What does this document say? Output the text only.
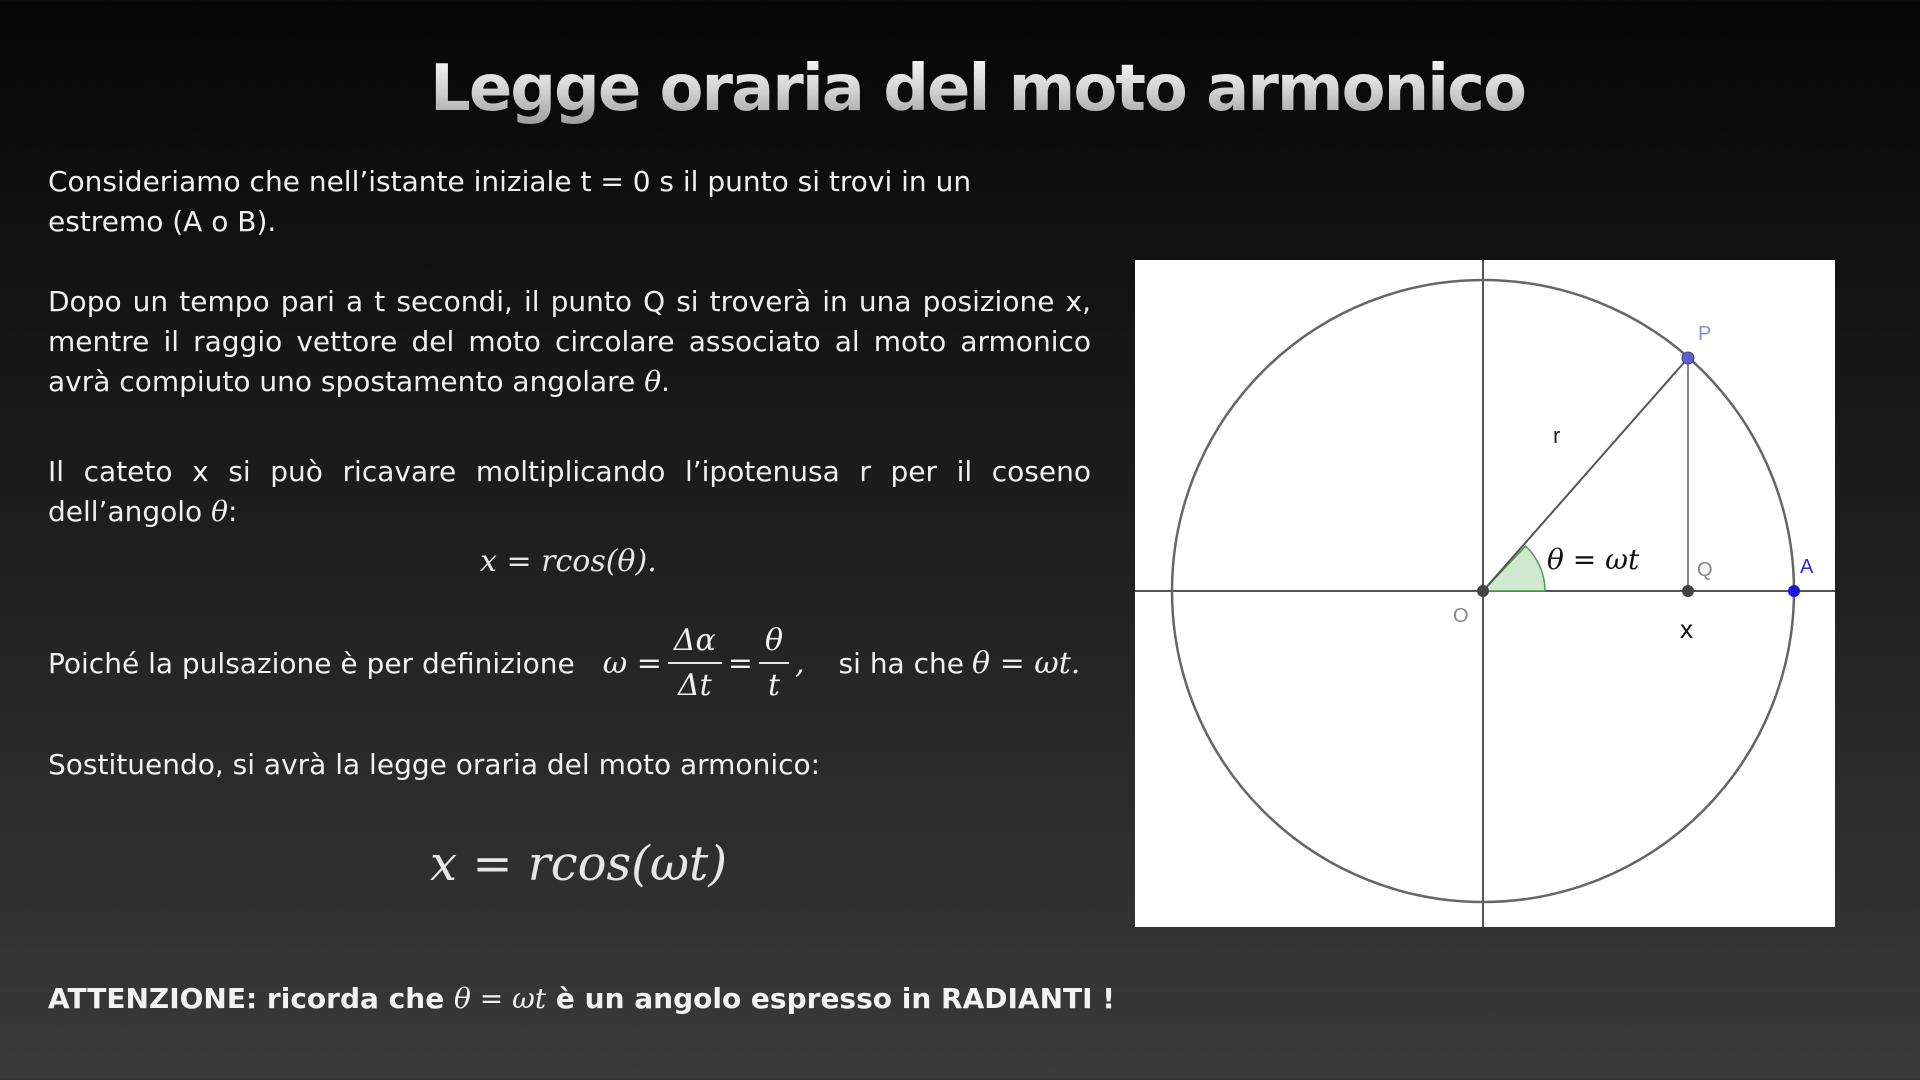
Legge oraria del moto armonico
Consideriamo che nell’istante iniziale t = 0 s il punto si trovi in un estremo (A o B).
Dopo un tempo pari a t secondi, il punto Q si troverà in una posizione x, mentre il raggio vettore del moto circolare associato al moto armonico avrà compiuto uno spostamento angolare θ.
Il cateto x si può ricavare moltiplicando l’ipotenusa r per il coseno dell’angolo θ:
x = rcos(θ).
Poiché la pulsazione è per definizione $\omega = \frac{\Delta\alpha}{\Delta t} = \frac{\theta}{t}$ , si ha che θ = ωt.
Sostituendo, si avrà la legge oraria del moto armonico:
x = rcos(ωt)
ATTENZIONE: ricorda che θ = ωt è un angolo espresso in RADIANTI !
P
r
θ = ωt	Q	A
O	x
